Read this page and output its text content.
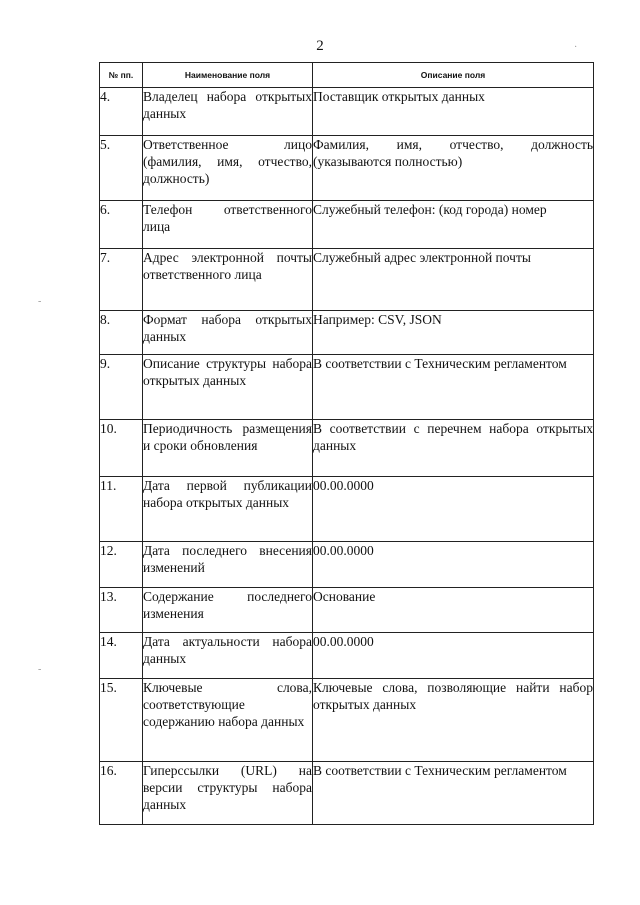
2
№ пп.	Наименование поля	Описание поля
4.	Владелец набора открытых данных	Поставщик открытых данных
5.	Ответственное лицо (фамилия, имя, отчество, должность)	Фамилия, имя, отчество, должность (указываются полностью)
6.	Телефон ответственного лица	Служебный телефон: (код города) номер
7.	Адрес электронной почты ответственного лица	Служебный адрес электронной почты
8.	Формат набора открытых данных	Например: CSV, JSON
9.	Описание структуры набора открытых данных	В соответствии с Техническим регламентом
10.	Периодичность размещения и сроки обновления	В соответствии с перечнем набора открытых данных
11.	Дата первой публикации набора открытых данных	00.00.0000
12.	Дата последнего внесения изменений	00.00.0000
13.	Содержание последнего изменения	Основание
14.	Дата актуальности набора данных	00.00.0000
15.	Ключевые слова, соответствующие содержанию набора данных	Ключевые слова, позволяющие найти набор открытых данных
16.	Гиперссылки (URL) на версии структуры набора данных	В соответствии с Техническим регламентом
-
-
·
